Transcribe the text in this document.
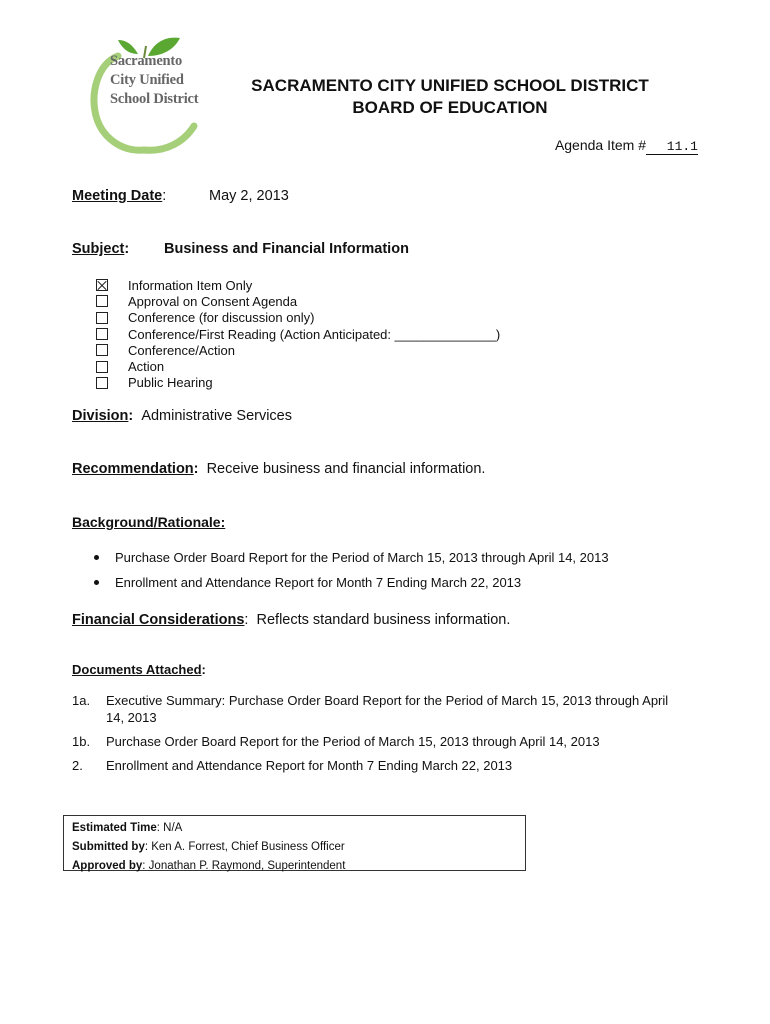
Sacramento
City Unified
School District
SACRAMENTO CITY UNIFIED SCHOOL DISTRICT
BOARD OF EDUCATION
Agenda Item # 11.1
Meeting Date:	May 2, 2013
Subject: Business and Financial Information
Information Item Only
Approval on Consent Agenda
Conference (for discussion only)
Conference/First Reading (Action Anticipated: ______________)
Conference/Action
Action
Public Hearing
Division: Administrative Services
Recommendation: Receive business and financial information.
Background/Rationale:
Purchase Order Board Report for the Period of March 15, 2013 through April 14, 2013
Enrollment and Attendance Report for Month 7 Ending March 22, 2013
Financial Considerations: Reflects standard business information.
Documents Attached:
1a.	Executive Summary: Purchase Order Board Report for the Period of March 15, 2013 through April 14, 2013
1b.	Purchase Order Board Report for the Period of March 15, 2013 through April 14, 2013
2.	Enrollment and Attendance Report for Month 7 Ending March 22, 2013
Estimated Time: N/A
Submitted by: Ken A. Forrest, Chief Business Officer
Approved by: Jonathan P. Raymond, Superintendent
